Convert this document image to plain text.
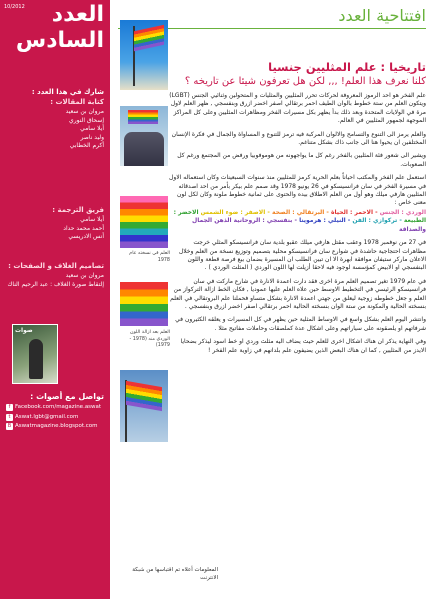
10/2012	العدد
السادس
شارك في هذا العدد :
كتابة المقالات :
مروان بن سعيد
إسحاق النوري
أيلا سامي
وليد ناصر
أكرم الخطابي
فريق الترجمة :
أيلا سامي
أحمد محمد حداد
أنس الادريسي
تصاميم الغلاف و الصفحات :
مروان بن سعيد
إلتقاط صورة الغلاف : عبد الرحيم الناك
صوات
تواصل مع أصوات :
f Facebook.com/magazine.aswat
t Aswat.lgbt@gmail.com
B Aswatmagazine.blogspot.com
افتتاحية العدد
العلم في نسخته عام 1978
العلم بعد ازالة اللون الوردي منه (1978 - 1979)
تاريخيا : علم المثليين جنسيا
كلنا نعرف هذا العلم! ,,, لكن هل تعرفون شيئا عن تاريخه ؟

علم الفخر هو احد الرموز المعروفة لحركات تحرر المثليين والمثليات و المتحولين وثنائيي الجنس (LGBT) ويتكون العلم من ستة خطوط بالوان الطيف احمر برتقالي اصفر اخضر ازرق وبنفسجي , ظهر العلم لاول مرة في الولايات المتحدة وبعد ذلك بدأ يظهر بكل مسيرات الفخر ومظاهرات المثليين وعلى كل المراكز الموجهة لجمهور المثليين في العالم.

والعلم يرمز الى التنوع والتسامح والالوان المركبة فيه ترمز للتنوع و المساواة والجمال في فكرة الإنسان المختلفين ان يحيوا هنا الى جانب ذاك بشكل متناغم.

ويشير الى شعور فئة المثليين بالفخر رغم كل ما يواجهونه من هوموفوبيا ورفض من المجتمع ورغم كل الصعوبات.

استعمل علم الفخر والمكتب احياناً بعلم الحرية كرمز للمثليين منذ سنوات السبعينات وكان استعماله الاول في مسيرة الفخر في سان فرانسيسكو في 26 يونيو 1978 وقد صمم علم بيكر بأمر من احد اصدقائه المثليين هارفي ميلك وهو أول من العلم الاطلاق بيده والحتوى على ثمانية خطوط ملونة وكان لكل لون معنى خاص :

الوردي : الجنس - الاحمر : الحياة - البرتقالي : الصحة - الاصفر : ضوء الشمس الاخضر : الطبيعة - تركوازي : الفن - النيلي : هرموينا - بنفسجي : الروحانية الذهن الجمال والصداقة

في 27 من نوفمبر 1978 وعقب مقتل هارفي ميلك عقبو بلدية سان فرانسيسكو المثلي خرجت مظاهرات احتجاجية حاشدة في شوارع سان فرانسيسكو محلية بتصميم وتوزيع نسخة من العلم وخلال الاعلان ماركر ستيفان موافقة ابهرة الا ان تبين الطلب ان المسيرة بضمان بيع فرصة قطعة واللون البنفسجي او الابيض كمؤسسة لوجود فيه لاحقا أزيلت لها اللون الوردي ( المثلث الوردي ) .

في عام 1979 تغير تصميم العلم مرة اخرى فقد دارت اعمدة الانارة في شارع ماركت في سان فرانسيسكو الرئيسي في التخطيط الاوسط حين علاه العلم عليها عموديا , فكان الخط ازالة التركواز من العلم و جعل خطوطه زوجية ليعلق من جهتي اعمدة الانارة بشكل متساو فحملنا علم البروتقالي في العلم بنسخته الحالية والمكونة من ستة الوان بنسخته الحالية احمر برتقالي اصفر اخضر ازرق وبنفسجي .

وانتشر اليوم العلم بشكل واسع في الاوساط المثلية حين يظهر في كل المسيرات و يعلقه الكثيرون في شرفاتهم او يلصقونه على سياراتهم وعلى اشكال عدة كملصقات وحاملات مفاتيح مثلا .

وفي النهاية يذكر ان هناك اشكال اخرى للعلم حيث يضاف اليه مثلث وردي او خط اسود ليذكر بضحايا الايدز من المثليين , كما ان هناك البعض الذين يضيفون علم بلدانهم في زاوية علم الفخر !

المعلومات أعلاه تم اقتباسها من شبكة الانترنت
